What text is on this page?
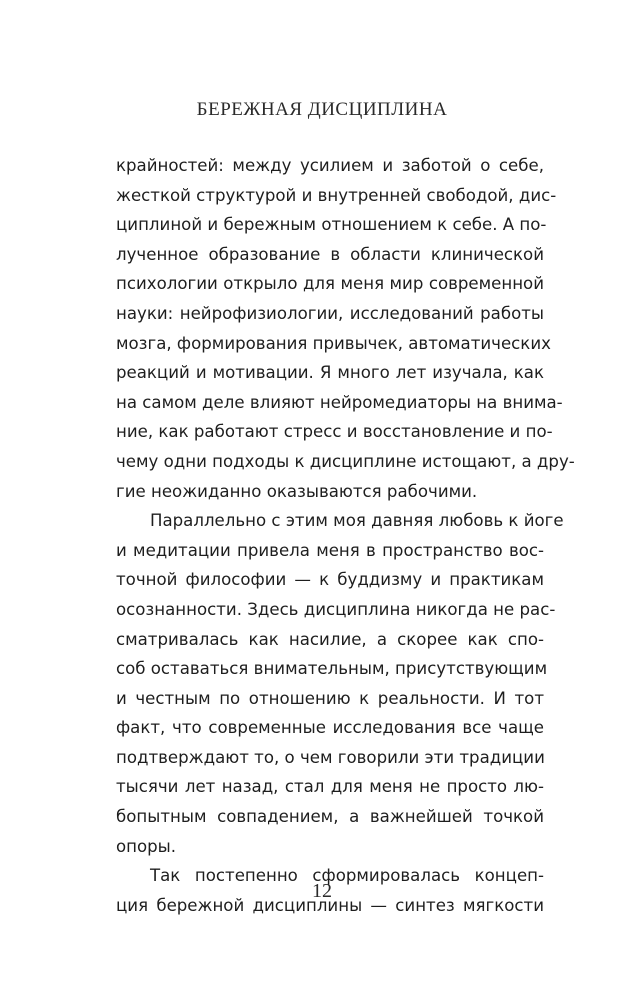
БЕРЕЖНАЯ ДИСЦИПЛИНА
крайностей: между усилием и заботой о себе,
жесткой структурой и внутренней свободой, дис-
циплиной и бережным отношением к себе. А по-
лученное образование в области клинической
психологии открыло для меня мир современной
науки: нейрофизиологии, исследований работы
мозга, формирования привычек, автоматических
реакций и мотивации. Я много лет изучала, как
на самом деле влияют нейромедиаторы на внима-
ние, как работают стресс и восстановление и по-
чему одни подходы к дисциплине истощают, а дру-
гие неожиданно оказываются рабочими.
Параллельно с этим моя давняя любовь к йоге
и медитации привела меня в пространство вос-
точной философии — к буддизму и практикам
осознанности. Здесь дисциплина никогда не рас-
сматривалась как насилие, а скорее как спо-
соб оставаться внимательным, присутствующим
и честным по отношению к реальности. И тот
факт, что современные исследования все чаще
подтверждают то, о чем говорили эти традиции
тысячи лет назад, стал для меня не просто лю-
бопытным совпадением, а важнейшей точкой
опоры.
Так постепенно сформировалась концеп-
ция бережной дисциплины — синтез мягкости
12
